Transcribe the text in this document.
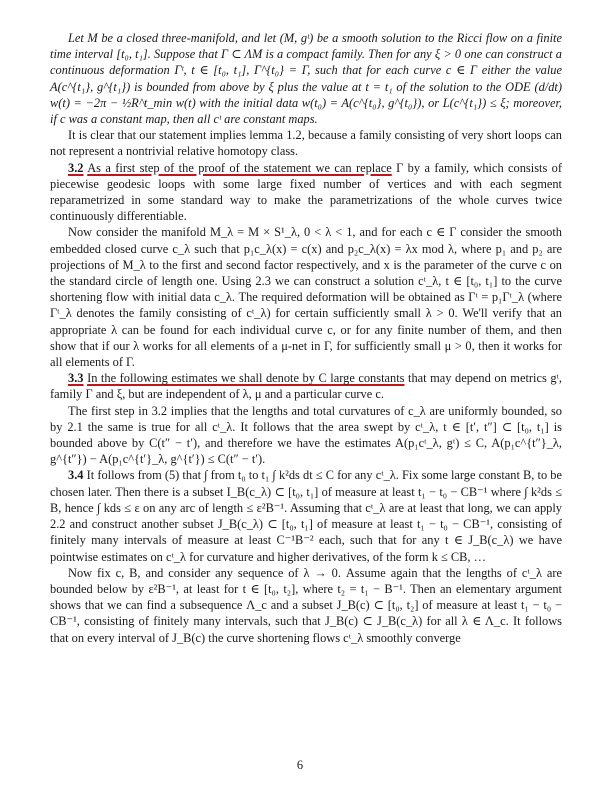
Let M be a closed three-manifold, and let (M, gᵗ) be a smooth solution to the Ricci flow on a finite time interval [t₀, t₁]. Suppose that Γ ⊂ ΛM is a compact family. Then for any ξ > 0 one can construct a continuous deformation Γᵗ, t ∈ [t₀, t₁], Γ^{t₀} = Γ, such that for each curve c ∈ Γ either the value A(c^{t₁}, g^{t₁}) is bounded from above by ξ plus the value at t = t₁ of the solution to the ODE (d/dt) w(t) = −2π − ½R^t_min w(t) with the initial data w(t₀) = A(c^{t₀}, g^{t₀}), or L(c^{t₁}) ≤ ξ; moreover, if c was a constant map, then all cᵗ are constant maps.

It is clear that our statement implies lemma 1.2, because a family consisting of very short loops can not represent a nontrivial relative homotopy class.

3.2 As a first step of the proof of the statement we can replace Γ by a family, which consists of piecewise geodesic loops with some large fixed number of vertices and with each segment reparametrized in some standard way to make the parametrizations of the whole curves twice continuously differentiable.

Now consider the manifold M_λ = M × S¹_λ, 0 < λ < 1, and for each c ∈ Γ consider the smooth embedded closed curve c_λ such that p₁c_λ(x) = c(x) and p₂c_λ(x) = λx mod λ, where p₁ and p₂ are projections of M_λ to the first and second factor respectively, and x is the parameter of the curve c on the standard circle of length one. Using 2.3 we can construct a solution cᵗ_λ, t ∈ [t₀, t₁] to the curve shortening flow with initial data c_λ. The required deformation will be obtained as Γᵗ = p₁Γᵗ_λ (where Γᵗ_λ denotes the family consisting of cᵗ_λ) for certain sufficiently small λ > 0. We'll verify that an appropriate λ can be found for each individual curve c, or for any finite number of them, and then show that if our λ works for all elements of a μ-net in Γ, for sufficiently small μ > 0, then it works for all elements of Γ.

3.3 In the following estimates we shall denote by C large constants that may depend on metrics gᵗ, family Γ and ξ, but are independent of λ, μ and a particular curve c.

The first step in 3.2 implies that the lengths and total curvatures of c_λ are uniformly bounded, so by 2.1 the same is true for all cᵗ_λ. It follows that the area swept by cᵗ_λ, t ∈ [t′, t″] ⊂ [t₀, t₁] is bounded above by C(t″ − t′), and therefore we have the estimates A(p₁cᵗ_λ, gᵗ) ≤ C, A(p₁c^{t″}_λ, g^{t″}) − A(p₁c^{t′}_λ, g^{t′}) ≤ C(t″ − t′).

3.4 It follows from (5) that ∫ from t₀ to t₁ ∫ k²ds dt ≤ C for any cᵗ_λ. Fix some large constant B, to be chosen later. Then there is a subset I_B(c_λ) ⊂ [t₀, t₁] of measure at least t₁ − t₀ − CB⁻¹ where ∫ k²ds ≤ B, hence ∫ kds ≤ ε on any arc of length ≤ ε²B⁻¹. Assuming that cᵗ_λ are at least that long, we can apply 2.2 and construct another subset J_B(c_λ) ⊂ [t₀, t₁] of measure at least t₁ − t₀ − CB⁻¹, consisting of finitely many intervals of measure at least C⁻¹B⁻² each, such that for any t ∈ J_B(c_λ) we have pointwise estimates on cᵗ_λ for curvature and higher derivatives, of the form k ≤ CB, …

Now fix c, B, and consider any sequence of λ → 0. Assume again that the lengths of cᵗ_λ are bounded below by ε²B⁻¹, at least for t ∈ [t₀, t₂], where t₂ = t₁ − B⁻¹. Then an elementary argument shows that we can find a subsequence Λ_c and a subset J_B(c) ⊂ [t₀, t₂] of measure at least t₁ − t₀ − CB⁻¹, consisting of finitely many intervals, such that J_B(c) ⊂ J_B(c_λ) for all λ ∈ Λ_c. It follows that on every interval of J_B(c) the curve shortening flows cᵗ_λ smoothly converge

6
